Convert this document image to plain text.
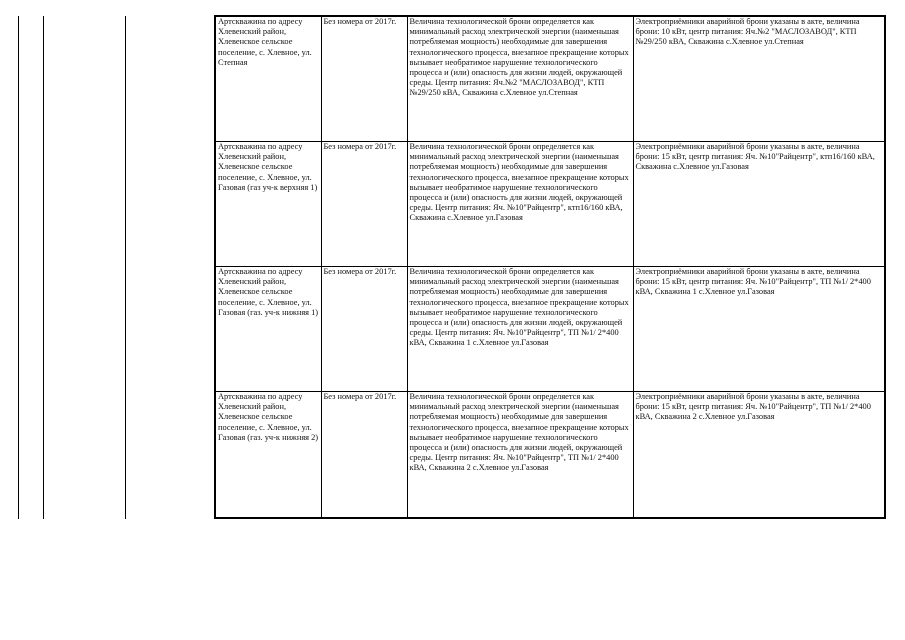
Артскважина по адресу Хлевенский район, Хлевенское сельское поселение, с. Хлевное, ул. Степная	Без номера от 2017г.	Величина технологической брони определяется как минимальный расход электрической энергии (наименьшая потребляемая мощность) необходимые для завершения технологического процесса, внезапное прекращение которых вызывает необратимое нарушение технологического процесса и (или) опасность для жизни людей, окружающей среды. Центр питания: Яч.№2 "МАСЛОЗАВОД", КТП №29/250 кВА, Скважина с.Хлевное ул.Степная	Электроприёмники аварийной брони указаны в акте, величина брони: 10 кВт, центр питания: Яч.№2 "МАСЛОЗАВОД", КТП №29/250 кВА, Скважина с.Хлевное ул.Степная
Артскважина по адресу Хлевенский район, Хлевенское сельское поселение, с. Хлевное, ул. Газовая (газ уч-к верхняя 1)	Без номера от 2017г.	Величина технологической брони определяется как минимальный расход электрической энергии (наименьшая потребляемая мощность) необходимые для завершения технологического процесса, внезапное прекращение которых вызывает необратимое нарушение технологического процесса и (или) опасность для жизни людей, окружающей среды. Центр питания: Яч. №10"Райцентр", ктп16/160 кВА, Скважина с.Хлевное ул.Газовая	Электроприёмники аварийной брони указаны в акте, величина брони: 15 кВт, центр питания: Яч. №10"Райцентр", ктп16/160 кВА, Скважина с.Хлевное ул.Газовая
Артскважина по адресу Хлевенский район, Хлевенское сельское поселение, с. Хлевное, ул. Газовая (газ. уч-к нижняя 1)	Без номера от 2017г.	Величина технологической брони определяется как минимальный расход электрической энергии (наименьшая потребляемая мощность) необходимые для завершения технологического процесса, внезапное прекращение которых вызывает необратимое нарушение технологического процесса и (или) опасность для жизни людей, окружающей среды. Центр питания: Яч. №10"Райцентр", ТП №1/ 2*400 кВА, Скважина 1 с.Хлевное ул.Газовая	Электроприёмники аварийной брони указаны в акте, величина брони: 15 кВт, центр питания: Яч. №10"Райцентр", ТП №1/ 2*400 кВА, Скважина 1 с.Хлевное ул.Газовая
Артскважина по адресу Хлевенский район, Хлевенское сельское поселение, с. Хлевное, ул. Газовая (газ. уч-к нижняя 2)	Без номера от 2017г.	Величина технологической брони определяется как минимальный расход электрической энергии (наименьшая потребляемая мощность) необходимые для завершения технологического процесса, внезапное прекращение которых вызывает необратимое нарушение технологического процесса и (или) опасность для жизни людей, окружающей среды. Центр питания: Яч. №10"Райцентр", ТП №1/ 2*400 кВА, Скважина 2 с.Хлевное ул.Газовая	Электроприёмники аварийной брони указаны в акте, величина брони: 15 кВт, центр питания: Яч. №10"Райцентр", ТП №1/ 2*400 кВА, Скважина 2 с.Хлевное ул.Газовая
